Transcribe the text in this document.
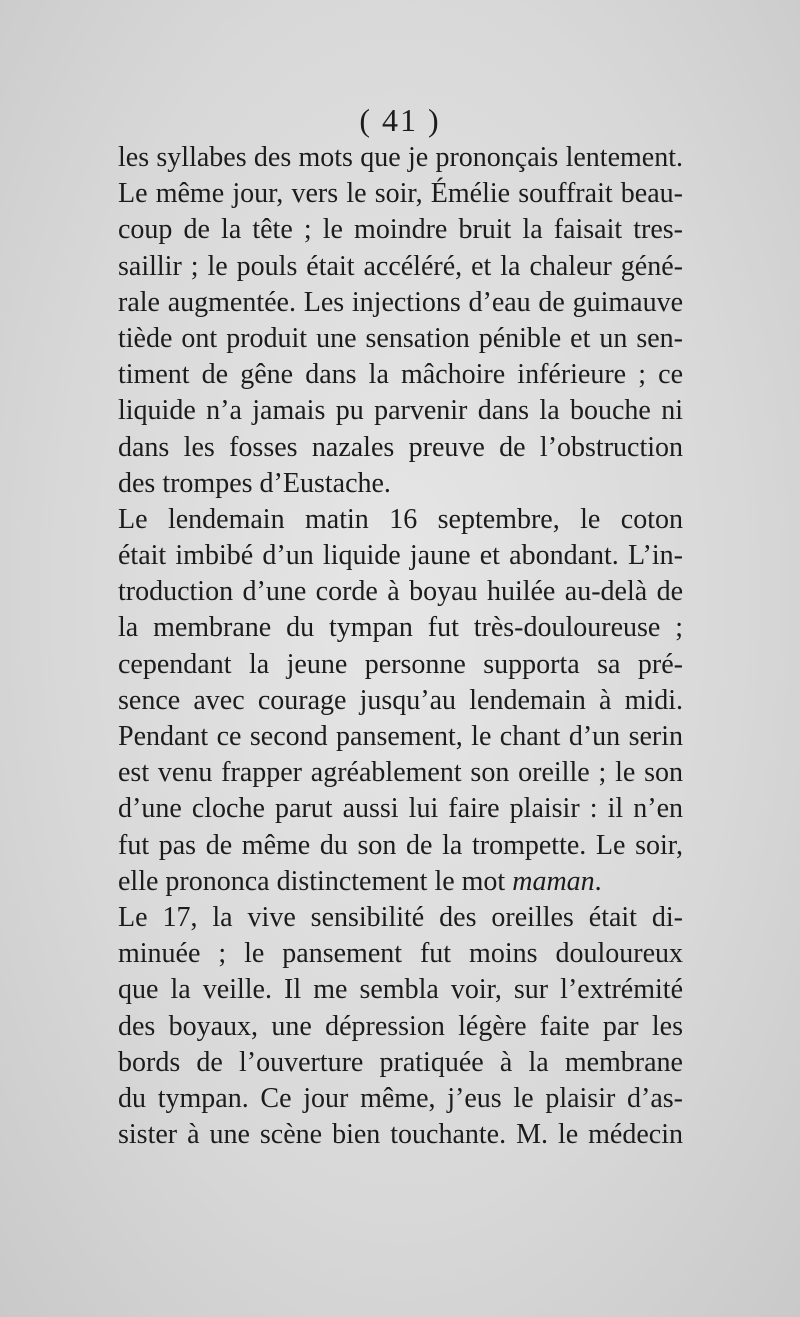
( 41 )
les syllabes des mots que je prononçais lentement.
Le même jour, vers le soir, Émélie souffrait beau-
coup de la tête ; le moindre bruit la faisait tres-
saillir ; le pouls était accéléré, et la chaleur géné-
rale augmentée. Les injections d’eau de guimauve
tiède ont produit une sensation pénible et un sen-
timent de gêne dans la mâchoire inférieure ; ce
liquide n’a jamais pu parvenir dans la bouche ni
dans les fosses nazales preuve de l’obstruction
des trompes d’Eustache.
Le lendemain matin 16 septembre, le coton
était imbibé d’un liquide jaune et abondant. L’in-
troduction d’une corde à boyau huilée au-delà de
la membrane du tympan fut très-douloureuse ;
cependant la jeune personne supporta sa pré-
sence avec courage jusqu’au lendemain à midi.
Pendant ce second pansement, le chant d’un serin
est venu frapper agréablement son oreille ; le son
d’une cloche parut aussi lui faire plaisir : il n’en
fut pas de même du son de la trompette. Le soir,
elle prononca distinctement le mot maman.
Le 17, la vive sensibilité des oreilles était di-
minuée ; le pansement fut moins douloureux
que la veille. Il me sembla voir, sur l’extrémité
des boyaux, une dépression légère faite par les
bords de l’ouverture pratiquée à la membrane
du tympan. Ce jour même, j’eus le plaisir d’as-
sister à une scène bien touchante. M. le médecin
